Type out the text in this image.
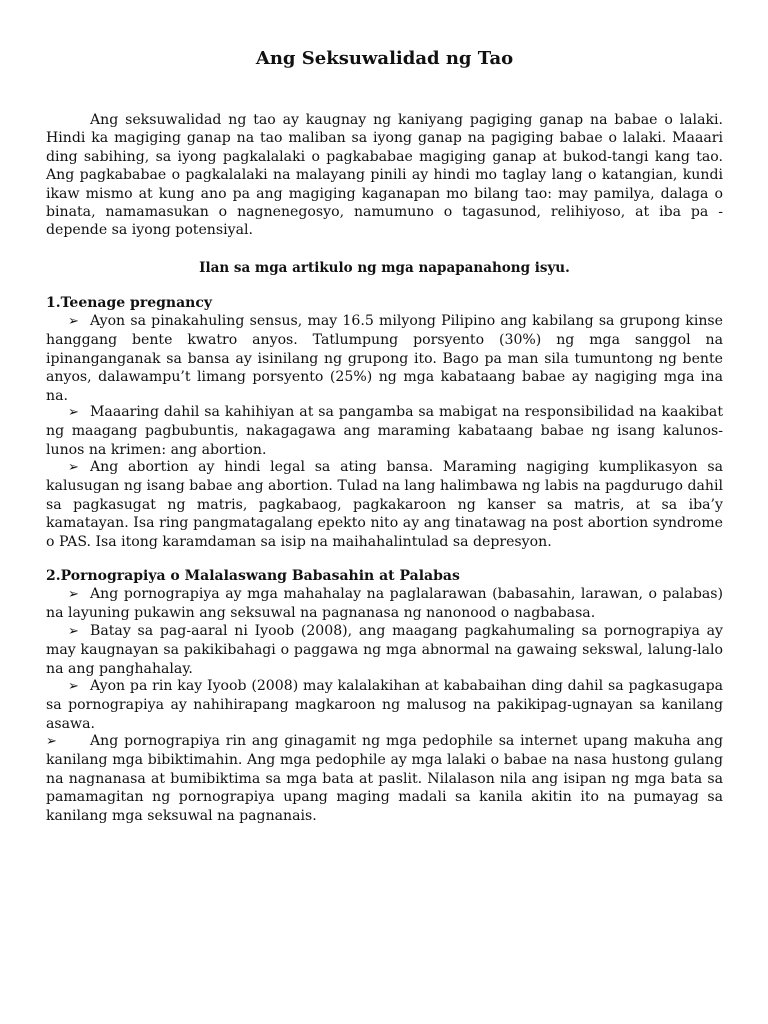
Ang Seksuwalidad ng Tao

Ang seksuwalidad ng tao ay kaugnay ng kaniyang pagiging ganap na babae o lalaki. Hindi ka magiging ganap na tao maliban sa iyong ganap na pagiging babae o lalaki. Maaari ding sabihing, sa iyong pagkalalaki o pagkababae magiging ganap at bukod-tangi kang tao. Ang pagkababae o pagkalalaki na malayang pinili ay hindi mo taglay lang o katangian, kundi ikaw mismo at kung ano pa ang magiging kaganapan mo bilang tao: may pamilya, dalaga o binata, namamasukan o nagnenegosyo, namumuno o tagasunod, relihiyoso, at iba pa - depende sa iyong potensiyal.

Ilan sa mga artikulo ng mga napapanahong isyu.
1.Teenage pregnancy

➢ Ayon sa pinakahuling sensus, may 16.5 milyong Pilipino ang kabilang sa grupong kinse hanggang bente kwatro anyos. Tatlumpung porsyento (30%) ng mga sanggol na ipinanganganak sa bansa ay isinilang ng grupong ito. Bago pa man sila tumuntong ng bente anyos, dalawampu’t limang porsyento (25%) ng mga kabataang babae ay nagiging mga ina na.

➢ Maaaring dahil sa kahihiyan at sa pangamba sa mabigat na responsibilidad na kaakibat ng maagang pagbubuntis, nakagagawa ang maraming kabataang babae ng isang kalunos-lunos na krimen: ang abortion.

➢ Ang abortion ay hindi legal sa ating bansa. Maraming nagiging kumplikasyon sa kalusugan ng isang babae ang abortion. Tulad na lang halimbawa ng labis na pagdurugo dahil sa pagkasugat ng matris, pagkabaog, pagkakaroon ng kanser sa matris, at sa iba’y kamatayan. Isa ring pangmatagalang epekto nito ay ang tinatawag na post abortion syndrome o PAS. Isa itong karamdaman sa isip na maihahalintulad sa depresyon.

2.Pornograpiya o Malalaswang Babasahin at Palabas

➢ Ang pornograpiya ay mga mahahalay na paglalarawan (babasahin, larawan, o palabas) na layuning pukawin ang seksuwal na pagnanasa ng nanonood o nagbabasa.

➢ Batay sa pag-aaral ni Iyoob (2008), ang maagang pagkahumaling sa pornograpiya ay may kaugnayan sa pakikibahagi o paggawa ng mga abnormal na gawaing sekswal, lalung-lalo na ang panghahalay.

➢ Ayon pa rin kay Iyoob (2008) may kalalakihan at kababaihan ding dahil sa pagkasugapa sa pornograpiya ay nahihirapang magkaroon ng malusog na pakikipag-ugnayan sa kanilang asawa.

➢ Ang pornograpiya rin ang ginagamit ng mga pedophile sa internet upang makuha ang kanilang mga bibiktimahin. Ang mga pedophile ay mga lalaki o babae na nasa hustong gulang na nagnanasa at bumibiktima sa mga bata at paslit. Nilalason nila ang isipan ng mga bata sa pamamagitan ng pornograpiya upang maging madali sa kanila akitin ito na pumayag sa kanilang mga seksuwal na pagnanais.
